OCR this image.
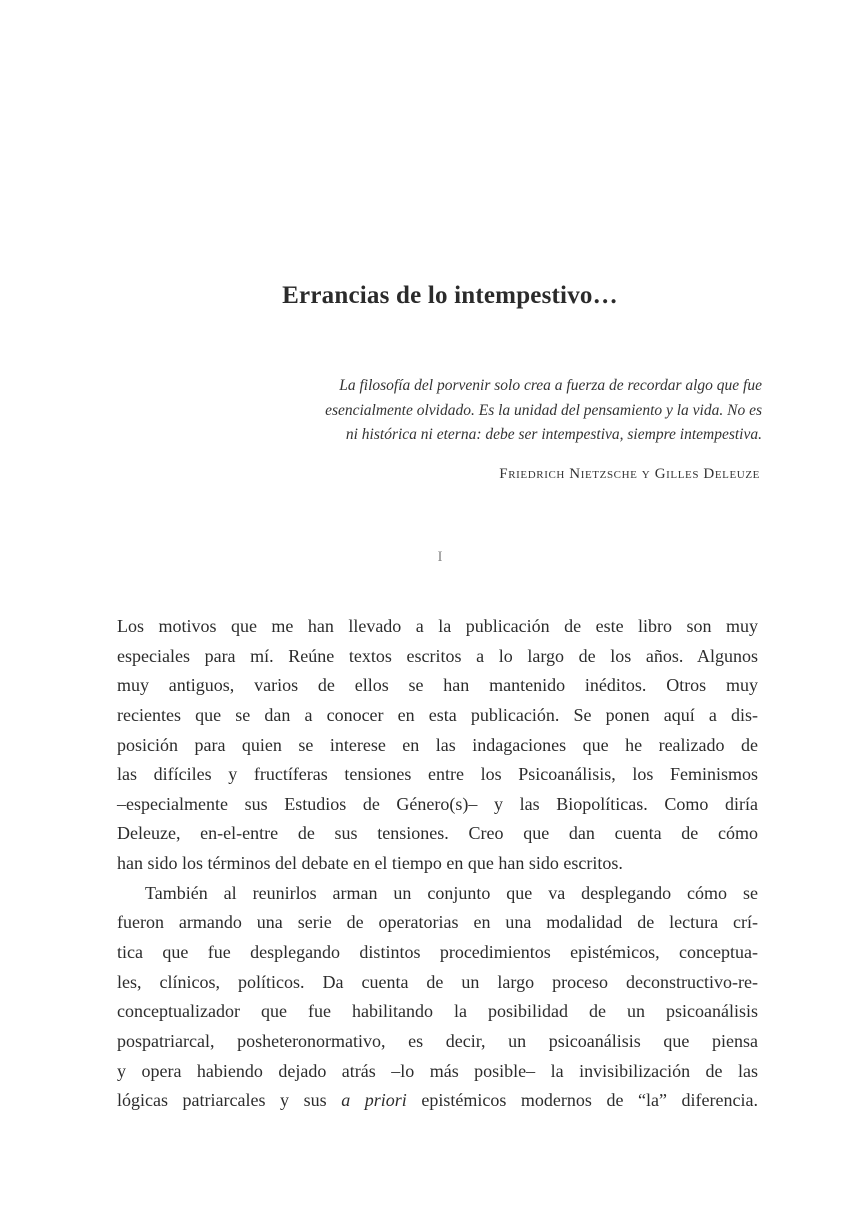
Errancias de lo intempestivo…
La filosofía del porvenir solo crea a fuerza de recordar algo que fue
esencialmente olvidado. Es la unidad del pensamiento y la vida. No es
ni histórica ni eterna: debe ser intempestiva, siempre intempestiva.
Friedrich Nietzsche y Gilles Deleuze
I
Los motivos que me han llevado a la publicación de este libro son muy
especiales para mí. Reúne textos escritos a lo largo de los años. Algunos
muy antiguos, varios de ellos se han mantenido inéditos. Otros muy
recientes que se dan a conocer en esta publicación. Se ponen aquí a dis-
posición para quien se interese en las indagaciones que he realizado de
las difíciles y fructíferas tensiones entre los Psicoanálisis, los Feminismos
–especialmente sus Estudios de Género(s)– y las Biopolíticas. Como diría
Deleuze, en-el-entre de sus tensiones. Creo que dan cuenta de cómo
han sido los términos del debate en el tiempo en que han sido escritos.
También al reunirlos arman un conjunto que va desplegando cómo se
fueron armando una serie de operatorias en una modalidad de lectura crí-
tica que fue desplegando distintos procedimientos epistémicos, conceptua-
les, clínicos, políticos. Da cuenta de un largo proceso deconstructivo-re-
conceptualizador que fue habilitando la posibilidad de un psicoanálisis
pospatriarcal, posheteronormativo, es decir, un psicoanálisis que piensa
y opera habiendo dejado atrás –lo más posible– la invisibilización de las
lógicas patriarcales y sus a priori epistémicos modernos de “la” diferencia.
